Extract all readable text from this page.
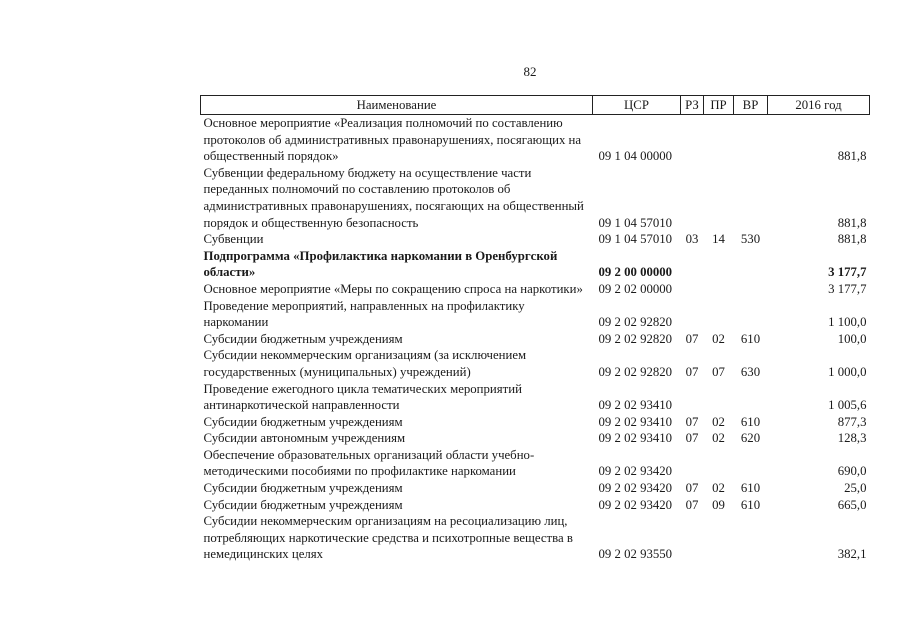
82
Наименование	ЦСР	РЗ	ПР	ВР	2016 год
Основное мероприятие «Реализация полномочий по составлению протоколов об административных правонарушениях, посягающих на общественный порядок»	09 1 04 00000				881,8
Субвенции федеральному бюджету на осуществление части переданных полномочий по составлению протоколов об административных правонарушениях, посягающих на общественный порядок и общественную безопасность	09 1 04 57010				881,8
Субвенции	09 1 04 57010	03	14	530	881,8
Подпрограмма «Профилактика наркомании в Оренбургской области»	09 2 00 00000				3 177,7
Основное мероприятие «Меры по сокращению спроса на наркотики»	09 2 02 00000				3 177,7
Проведение мероприятий, направленных на профилактику наркомании	09 2 02 92820				1 100,0
Субсидии бюджетным учреждениям	09 2 02 92820	07	02	610	100,0
Субсидии некоммерческим организациям (за исключением государственных (муниципальных) учреждений)	09 2 02 92820	07	07	630	1 000,0
Проведение ежегодного цикла тематических мероприятий антинаркотической направленности	09 2 02 93410				1 005,6
Субсидии бюджетным учреждениям	09 2 02 93410	07	02	610	877,3
Субсидии автономным учреждениям	09 2 02 93410	07	02	620	128,3
Обеспечение образовательных организаций области учебно-методическими пособиями по профилактике наркомании	09 2 02 93420				690,0
Субсидии бюджетным учреждениям	09 2 02 93420	07	02	610	25,0
Субсидии бюджетным учреждениям	09 2 02 93420	07	09	610	665,0
Субсидии некоммерческим организациям на ресоциализацию лиц, потребляющих наркотические средства и психотропные вещества в немедицинских целях	09 2 02 93550				382,1
